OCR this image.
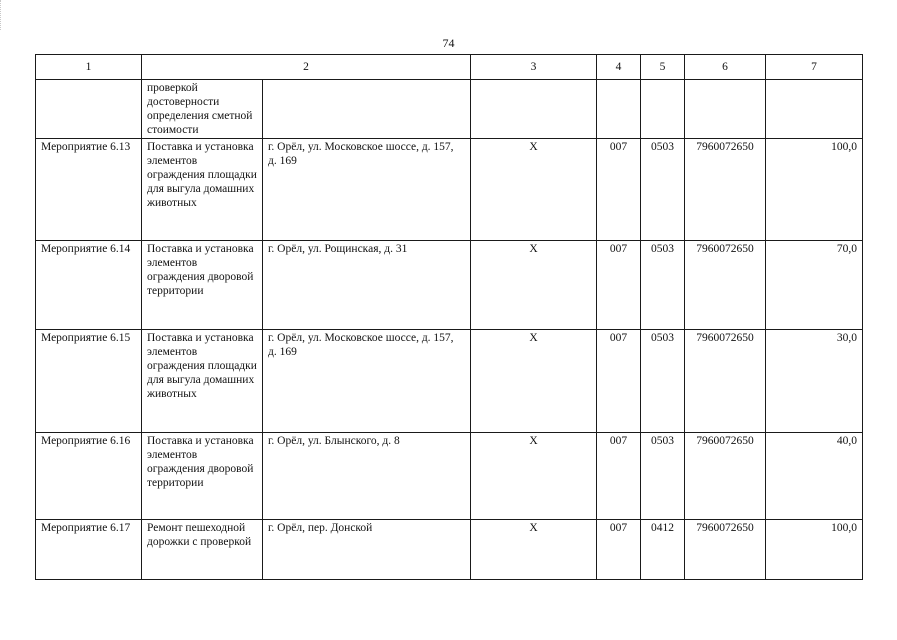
74
1	2		3	4	5	6	7
	проверкой достоверности определения сметной стоимости						
Мероприятие 6.13	Поставка и установка элементов ограждения площадки для выгула домашних животных	г. Орёл, ул. Московское шоссе, д. 157, д. 169	Х	007	0503	7960072650	100,0
Мероприятие 6.14	Поставка и установка элементов ограждения дворовой территории	г. Орёл, ул. Рощинская, д. 31	Х	007	0503	7960072650	70,0
Мероприятие 6.15	Поставка и установка элементов ограждения площадки для выгула домашних животных	г. Орёл, ул. Московское шоссе, д. 157, д. 169	Х	007	0503	7960072650	30,0
Мероприятие 6.16	Поставка и установка элементов ограждения дворовой территории	г. Орёл, ул. Блынского, д. 8	Х	007	0503	7960072650	40,0
Мероприятие 6.17	Ремонт пешеходной дорожки с проверкой	г. Орёл, пер. Донской	Х	007	0412	7960072650	100,0
